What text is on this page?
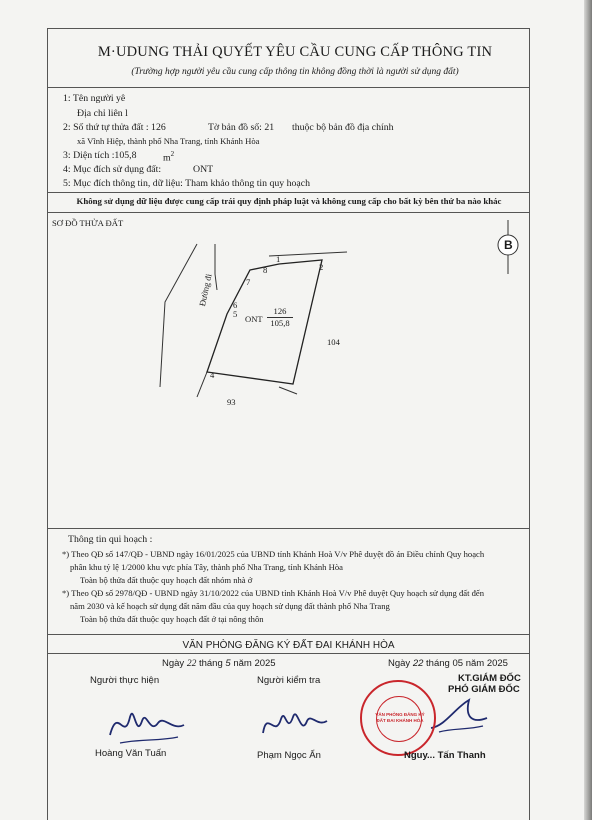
M·UDUNG THẢI QUYẾT YÊU CẦU CUNG CẤP THÔNG TIN
(Trường hợp người yêu cầu cung cấp thông tin không đồng thời là người sử dụng đất)
1: Tên người yê
Địa chỉ liên l
2: Số thứ tự thửa đất : 126	Tờ bản đồ số: 21 thuộc bộ bản đồ địa chính
xã Vĩnh Hiệp, thành phố Nha Trang, tỉnh Khánh Hòa
3: Diện tích :105,8	$m^2$
4: Mục đích sử dụng đất:	ONT
5: Mục đích thông tin, dữ liệu: Tham khảo thông tin quy hoạch
Không sử dụng dữ liệu được cung cấp trái quy định pháp luật và không cung cấp cho bất kỳ bên thứ ba nào khác
SƠ ĐỒ THỬA ĐẤT
B
Đường đi
1
2
4
5
6
7
8
ONT
126
105,8
104
93
Thông tin qui hoạch :
*) Theo QĐ số 147/QĐ - UBND ngày 16/01/2025 của UBND tỉnh Khánh Hoà V/v Phê duyệt đồ án Điều chỉnh Quy hoạch
phân khu tỷ lệ 1/2000 khu vực phía Tây, thành phố Nha Trang, tỉnh Khánh Hòa
Toàn bộ thửa đất thuộc quy hoạch đất nhóm nhà ở
*) Theo QĐ số 2978/QĐ - UBND ngày 31/10/2022 của UBND tỉnh Khánh Hoà V/v Phê duyệt Quy hoạch sử dụng đất đến
năm 2030 và kế hoạch sử dụng đất năm đầu của quy hoạch sử dụng đất thành phố Nha Trang
Toàn bộ thửa đất thuộc quy hoạch đất ở tại nông thôn
VĂN PHÒNG ĐĂNG KÝ ĐẤT ĐAI KHÁNH HÒA
Ngày 22 tháng 5 năm 2025	Ngày 22 tháng 05 năm 2025
Người thực hiện	Người kiểm tra	KT.GIÁM ĐỐC
PHÓ GIÁM ĐỐC
VĂN PHÒNG ĐĂNG KÝ ĐẤT ĐAI KHÁNH HÒA
Hoàng Văn Tuấn	Phạm Ngọc Ẩn	Nguy... Tấn Thanh
